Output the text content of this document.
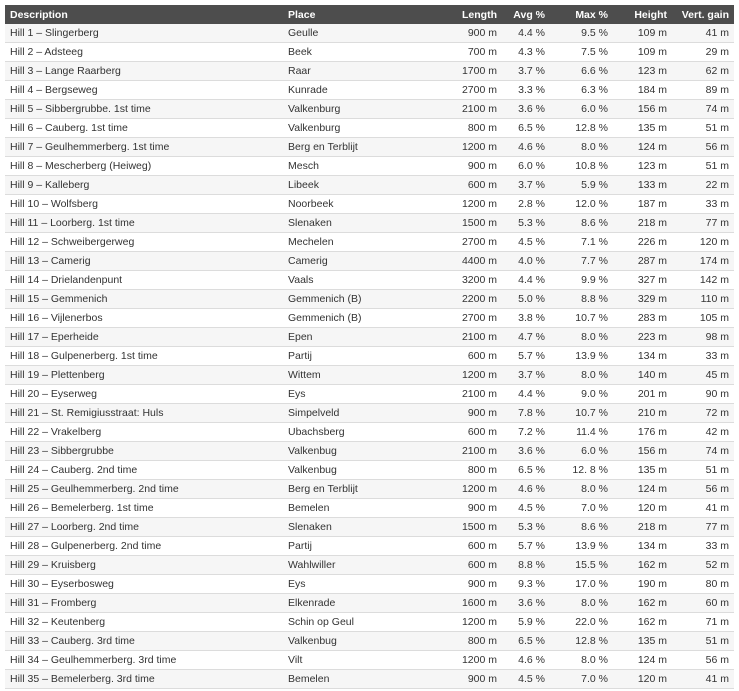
Description	Place	Length	Avg %	Max %	Height	Vert. gain
Hill 1 – Slingerberg	Geulle	900 m	4.4 %	9.5 %	109 m	41 m
Hill 2 – Adsteeg	Beek	700 m	4.3 %	7.5 %	109 m	29 m
Hill 3 – Lange Raarberg	Raar	1700 m	3.7 %	6.6 %	123 m	62 m
Hill 4 – Bergseweg	Kunrade	2700 m	3.3 %	6.3 %	184 m	89 m
Hill 5 – Sibbergrubbe. 1st time	Valkenburg	2100 m	3.6 %	6.0 %	156 m	74 m
Hill 6 – Cauberg. 1st time	Valkenburg	800 m	6.5 %	12.8 %	135 m	51 m
Hill 7 – Geulhemmerberg. 1st time	Berg en Terblijt	1200 m	4.6 %	8.0 %	124 m	56 m
Hill 8 – Mescherberg (Heiweg)	Mesch	900 m	6.0 %	10.8 %	123 m	51 m
Hill 9 – Kalleberg	Libeek	600 m	3.7 %	5.9 %	133 m	22 m
Hill 10 – Wolfsberg	Noorbeek	1200 m	2.8 %	12.0 %	187 m	33 m
Hill 11 – Loorberg. 1st time	Slenaken	1500 m	5.3 %	8.6 %	218 m	77 m
Hill 12 – Schweibergerweg	Mechelen	2700 m	4.5 %	7.1 %	226 m	120 m
Hill 13 – Camerig	Camerig	4400 m	4.0 %	7.7 %	287 m	174 m
Hill 14 – Drielandenpunt	Vaals	3200 m	4.4 %	9.9 %	327 m	142 m
Hill 15 – Gemmenich	Gemmenich (B)	2200 m	5.0 %	8.8 %	329 m	110 m
Hill 16 – Vijlenerbos	Gemmenich (B)	2700 m	3.8 %	10.7 %	283 m	105 m
Hill 17 – Eperheide	Epen	2100 m	4.7 %	8.0 %	223 m	98 m
Hill 18 – Gulpenerberg. 1st time	Partij	600 m	5.7 %	13.9 %	134 m	33 m
Hill 19 – Plettenberg	Wittem	1200 m	3.7 %	8.0 %	140 m	45 m
Hill 20 – Eyserweg	Eys	2100 m	4.4 %	9.0 %	201 m	90 m
Hill 21 – St. Remigiusstraat: Huls	Simpelveld	900 m	7.8 %	10.7 %	210 m	72 m
Hill 22 – Vrakelberg	Ubachsberg	600 m	7.2 %	11.4 %	176 m	42 m
Hill 23 – Sibbergrubbe	Valkenbug	2100 m	3.6 %	6.0 %	156 m	74 m
Hill 24 – Cauberg. 2nd time	Valkenbug	800 m	6.5 %	12. 8 %	135 m	51 m
Hill 25 – Geulhemmerberg. 2nd time	Berg en Terblijt	1200 m	4.6 %	8.0 %	124 m	56 m
Hill 26 – Bemelerberg. 1st time	Bemelen	900 m	4.5 %	7.0 %	120 m	41 m
Hill 27 – Loorberg. 2nd time	Slenaken	1500 m	5.3 %	8.6 %	218 m	77 m
Hill 28 – Gulpenerberg. 2nd time	Partij	600 m	5.7 %	13.9 %	134 m	33 m
Hill 29 – Kruisberg	Wahlwiller	600 m	8.8 %	15.5 %	162 m	52 m
Hill 30 – Eyserbosweg	Eys	900 m	9.3 %	17.0 %	190 m	80 m
Hill 31 – Fromberg	Elkenrade	1600 m	3.6 %	8.0 %	162 m	60 m
Hill 32 – Keutenberg	Schin op Geul	1200 m	5.9 %	22.0 %	162 m	71 m
Hill 33 – Cauberg. 3rd time	Valkenbug	800 m	6.5 %	12.8 %	135 m	51 m
Hill 34 – Geulhemmerberg. 3rd time	Vilt	1200 m	4.6 %	8.0 %	124 m	56 m
Hill 35 – Bemelerberg. 3rd time	Bemelen	900 m	4.5 %	7.0 %	120 m	41 m
